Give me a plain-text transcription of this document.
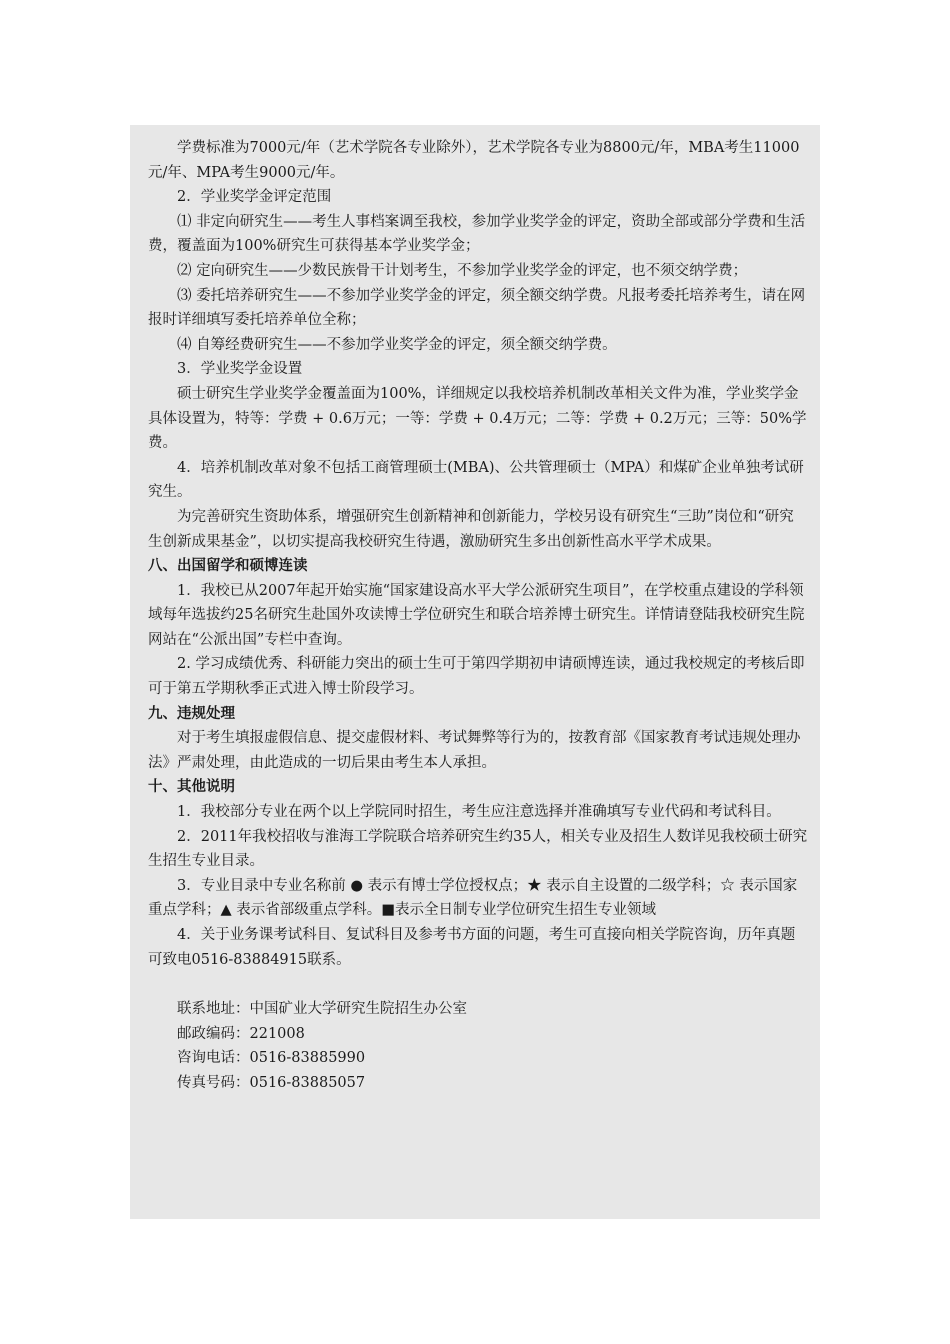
学费标准为7000元/年（艺术学院各专业除外），艺术学院各专业为8800元/年，MBA考生11000元/年、MPA考生9000元/年。

2．学业奖学金评定范围

⑴ 非定向研究生——考生人事档案调至我校，参加学业奖学金的评定，资助全部或部分学费和生活费，覆盖面为100%研究生可获得基本学业奖学金；

⑵ 定向研究生——少数民族骨干计划考生，不参加学业奖学金的评定，也不须交纳学费；

⑶ 委托培养研究生——不参加学业奖学金的评定，须全额交纳学费。凡报考委托培养考生，请在网报时详细填写委托培养单位全称；

⑷ 自筹经费研究生——不参加学业奖学金的评定，须全额交纳学费。

3．学业奖学金设置

硕士研究生学业奖学金覆盖面为100%，详细规定以我校培养机制改革相关文件为准，学业奖学金具体设置为，特等：学费 + 0.6万元；一等：学费 + 0.4万元；二等：学费 + 0.2万元；三等：50%学费。

4．培养机制改革对象不包括工商管理硕士(MBA)、公共管理硕士（MPA）和煤矿企业单独考试研究生。

为完善研究生资助体系，增强研究生创新精神和创新能力，学校另设有研究生“三助”岗位和“研究生创新成果基金”，以切实提高我校研究生待遇，激励研究生多出创新性高水平学术成果。

八、出国留学和硕博连读

1．我校已从2007年起开始实施“国家建设高水平大学公派研究生项目”，在学校重点建设的学科领域每年选拔约25名研究生赴国外攻读博士学位研究生和联合培养博士研究生。详情请登陆我校研究生院网站在“公派出国”专栏中查询。

2. 学习成绩优秀、科研能力突出的硕士生可于第四学期初申请硕博连读，通过我校规定的考核后即可于第五学期秋季正式进入博士阶段学习。

九、违规处理

对于考生填报虚假信息、提交虚假材料、考试舞弊等行为的，按教育部《国家教育考试违规处理办法》严肃处理，由此造成的一切后果由考生本人承担。

十、其他说明

1．我校部分专业在两个以上学院同时招生，考生应注意选择并准确填写专业代码和考试科目。

2．2011年我校招收与淮海工学院联合培养研究生约35人，相关专业及招生人数详见我校硕士研究生招生专业目录。

3．专业目录中专业名称前 ● 表示有博士学位授权点；★ 表示自主设置的二级学科；☆ 表示国家重点学科；▲ 表示省部级重点学科。■表示全日制专业学位研究生招生专业领域

4．关于业务课考试科目、复试科目及参考书方面的问题，考生可直接向相关学院咨询，历年真题可致电0516-83884915联系。

联系地址：中国矿业大学研究生院招生办公室

邮政编码：221008

咨询电话：0516-83885990

传真号码：0516-83885057
